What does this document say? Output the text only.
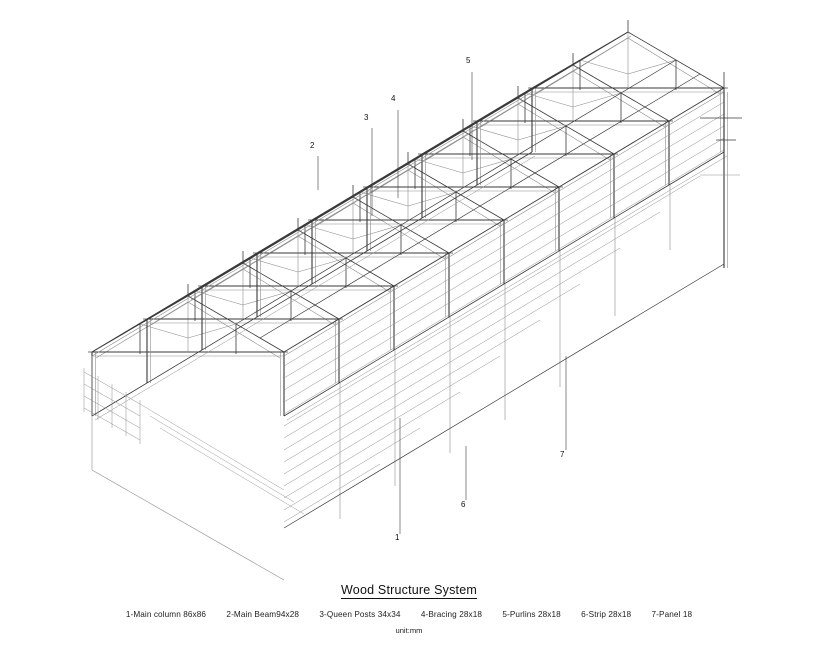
1
2
3
4
5
6
7
Wood Structure System
1-Main column 86x86 2-Main Beam94x28 3-Queen Posts 34x34 4-Bracing 28x18 5-Purlins 28x18 6-Strip 28x18 7-Panel 18
unit:mm
